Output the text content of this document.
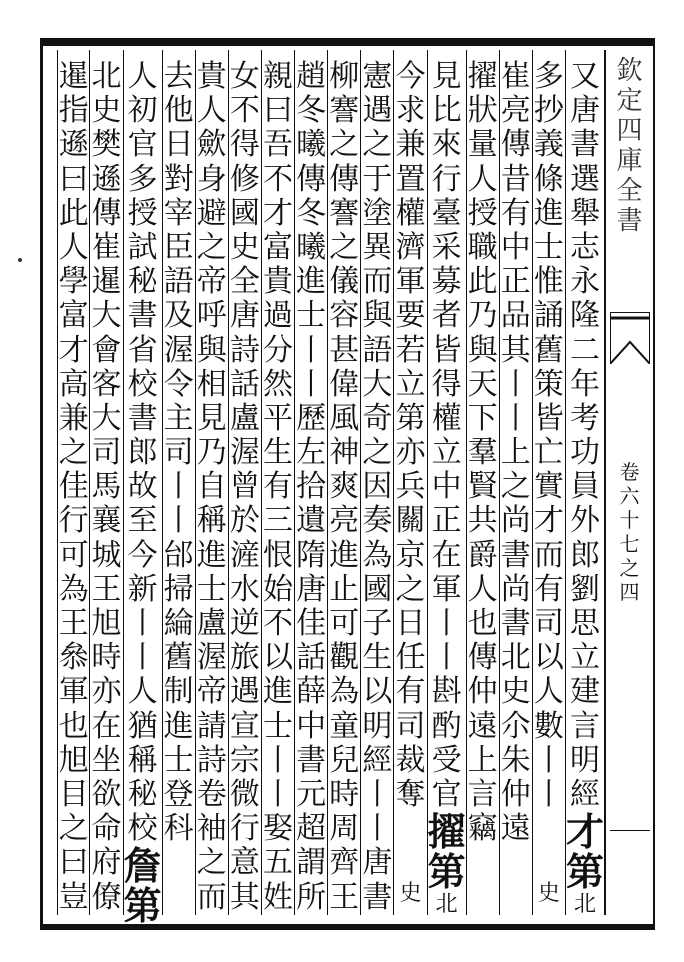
欽
定
四
庫
全
書
卷
六
十
七
之
四
又
唐
書
選
舉
志
永
隆
二
年
考
功
員
外
郎
劉
思
立
建
言
明
經
才
第
北
多
抄
義
條
進
士
惟
誦
舊
策
皆
亡
實
才
而
有
司
以
人
數
丨
丨
史
崔
亮
傳
昔
有
中
正
品
其
丨
丨
上
之
尚
書
尚
書
北
史
尒
朱
仲
遠
擢
狀
量
人
授
職
此
乃
與
天
下
羣
賢
共
爵
人
也
傳
仲
遠
上
言
竊
見
比
來
行
臺
采
募
者
皆
得
權
立
中
正
在
軍
丨
丨
斟
酌
受
官
擢
第
北
今
求
兼
置
權
濟
軍
要
若
立
第
亦
兵
關
京
之
日
任
有
司
裁
奪
史
憲
遇
之
于
塗
異
而
與
語
大
奇
之
因
奏
為
國
子
生
以
明
經
丨
丨
唐
書
柳
謇
之
傳
謇
之
儀
容
甚
偉
風
神
爽
亮
進
止
可
觀
為
童
兒
時
周
齊
王
趙
冬
曦
傳
冬
曦
進
士
丨
丨
歷
左
拾
遺
隋
唐
佳
話
薛
中
書
元
超
謂
所
親
曰
吾
不
才
富
貴
過
分
然
平
生
有
三
恨
始
不
以
進
士
丨
丨
娶
五
姓
女
不
得
修
國
史
全
唐
詩
話
盧
渥
曾
於
滻
水
逆
旅
遇
宣
宗
微
行
意
其
貴
人
歛
身
避
之
帝
呼
與
相
見
乃
自
稱
進
士
盧
渥
帝
請
詩
卷
袖
之
而
去
他
日
對
宰
臣
語
及
渥
令
主
司
丨
丨
邰
掃
綸
舊
制
進
士
登
科
人
初
官
多
授
試
秘
書
省
校
書
郎
故
至
今
新
丨
丨
人
猶
稱
秘
校
詹
第
北
史
樊
遜
傳
崔
暹
大
會
客
大
司
馬
襄
城
王
旭
時
亦
在
坐
欲
命
府
僚
暹
指
遜
曰
此
人
學
富
才
高
兼
之
佳
行
可
為
王
叅
軍
也
旭
目
之
曰
豈
